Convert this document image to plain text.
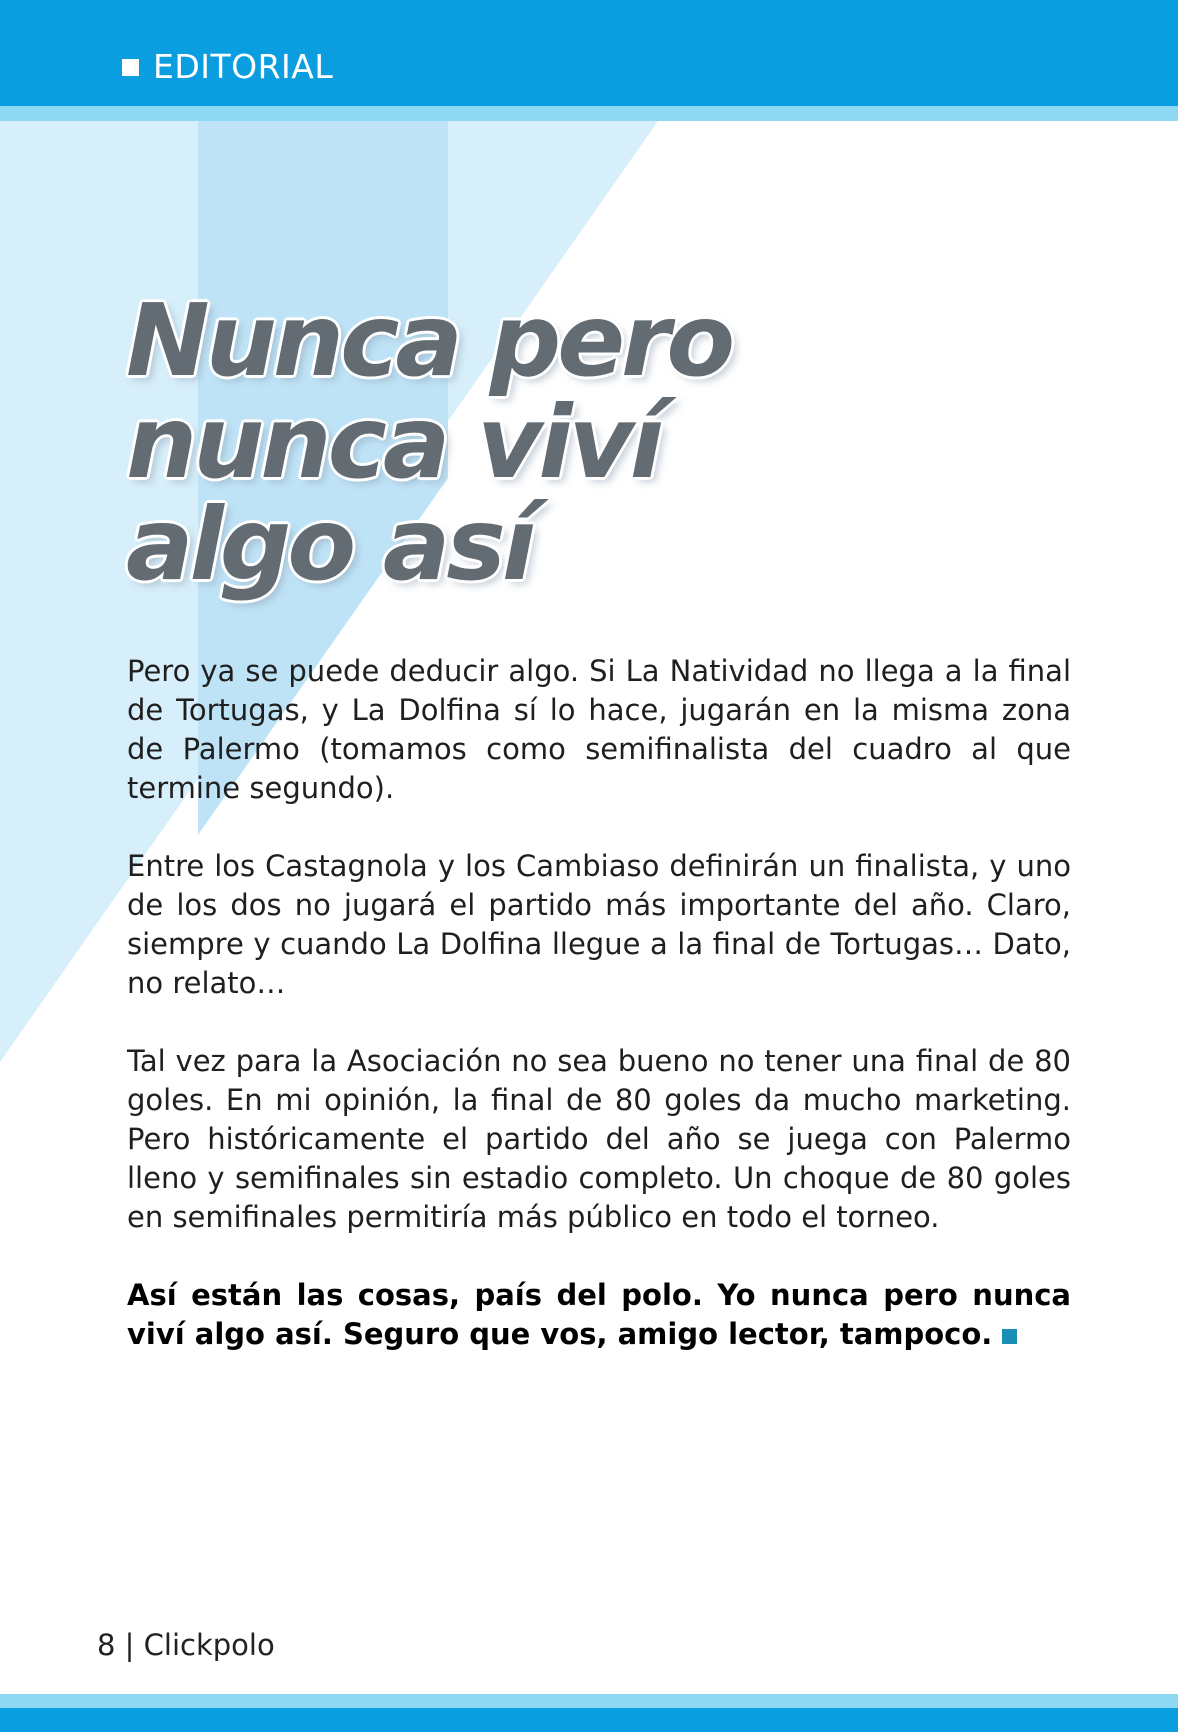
EDITORIAL
Nunca pero
nunca viví
algo así

Pero ya se puede deducir algo. Si La Natividad no llega a la final de Tortugas, y La Dolfina sí lo hace, jugarán en la misma zona de Palermo (tomamos como semifinalista del cuadro al que termine segundo).

Entre los Castagnola y los Cambiaso definirán un finalista, y uno de los dos no jugará el partido más importante del año. Claro, siempre y cuando La Dolfina llegue a la final de Tortugas… Dato, no relato…

Tal vez para la Asociación no sea bueno no tener una final de 80 goles. En mi opinión, la final de 80 goles da mucho marketing. Pero históricamente el partido del año se juega con Palermo lleno y semifinales sin estadio completo. Un choque de 80 goles en semifinales permitiría más público en todo el torneo.

Así están las cosas, país del polo. Yo nunca pero nunca viví algo así. Seguro que vos, amigo lector, tampoco.

8 | Clickpolo
